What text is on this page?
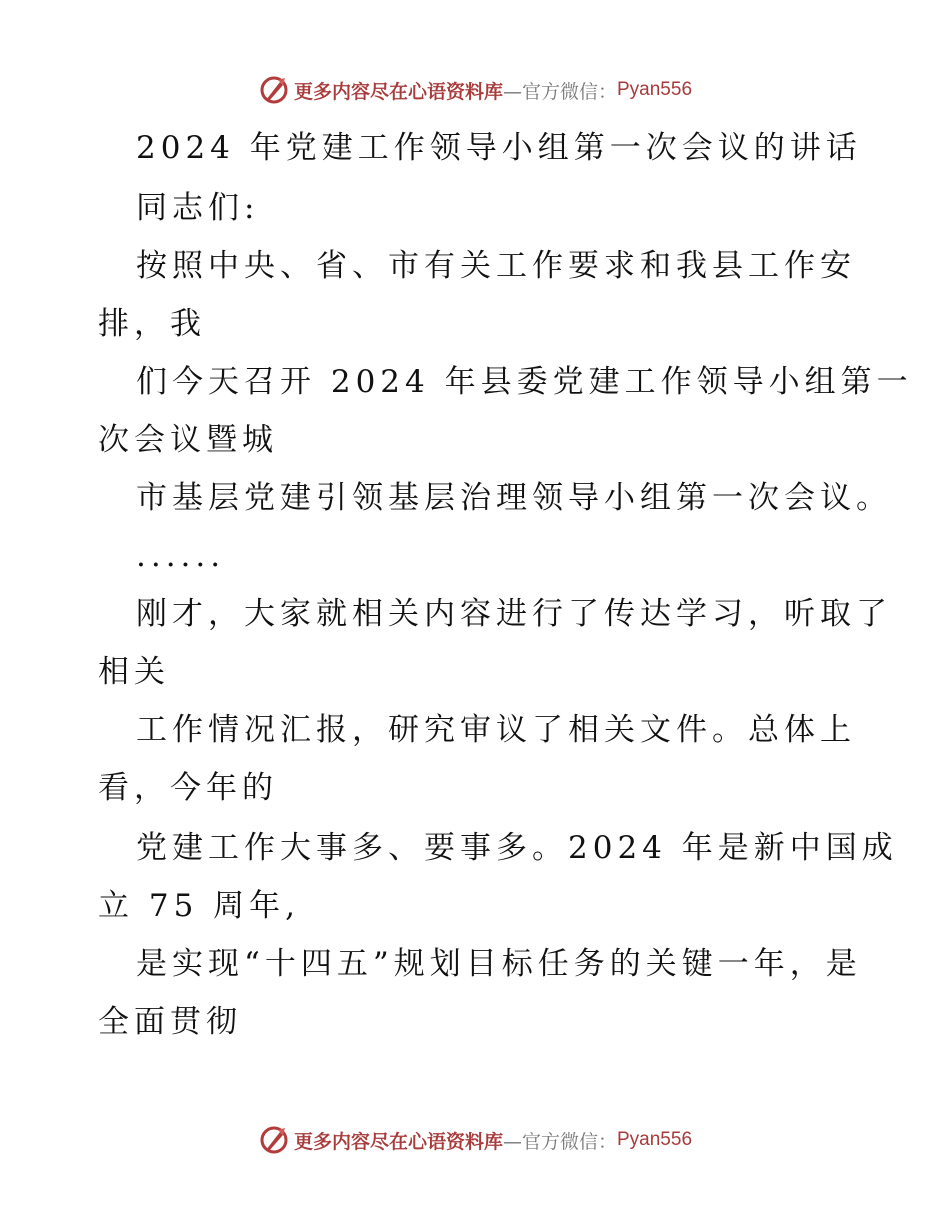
更多内容尽在心语资料库 —官方微信： Pyan556
2024 年党建工作领导小组第一次会议的讲话
同志们:
按照中央、省、市有关工作要求和我县工作安
排，我
们今天召开 2024 年县委党建工作领导小组第一
次会议暨城
市基层党建引领基层治理领导小组第一次会议。
......
刚才，大家就相关内容进行了传达学习，听取了
相关
工作情况汇报，研究审议了相关文件。总体上
看，今年的
党建工作大事多、要事多。2024 年是新中国成
立 75 周年,
是实现“十四五”规划目标任务的关键一年，是
全面贯彻
更多内容尽在心语资料库 —官方微信： Pyan556
